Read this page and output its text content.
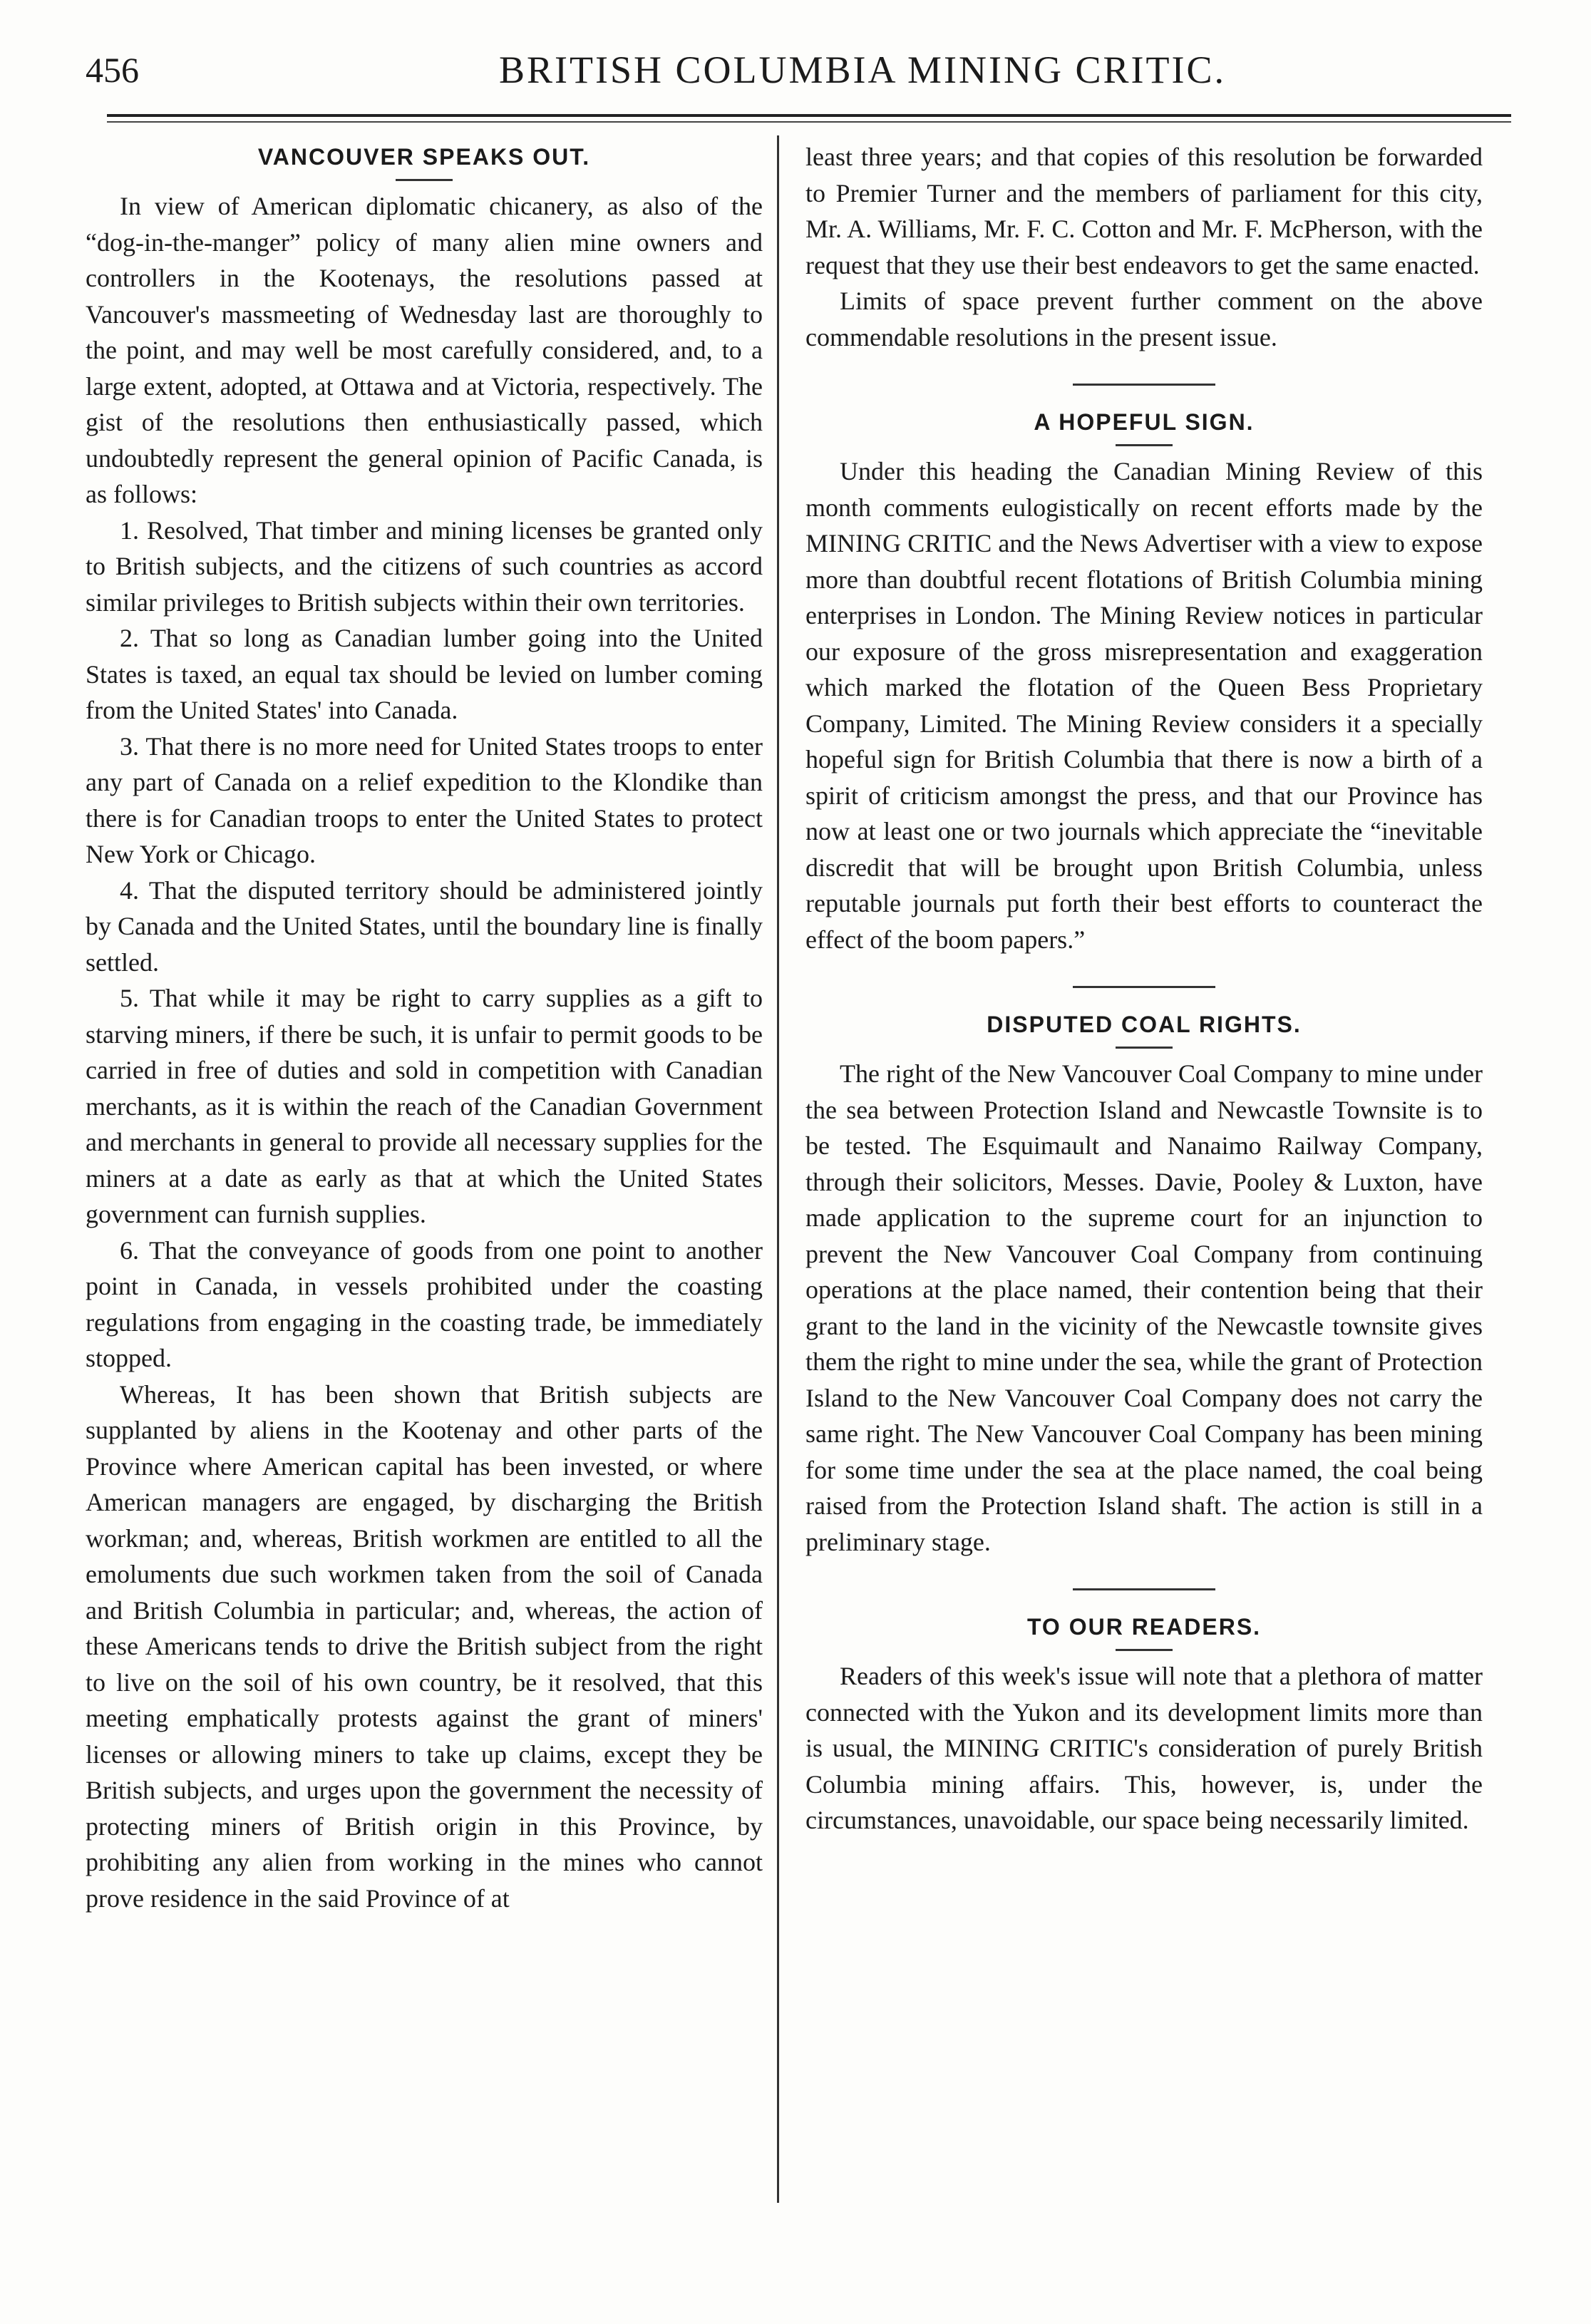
456	BRITISH COLUMBIA MINING CRITIC.
VANCOUVER SPEAKS OUT.

In view of American diplomatic chicanery, as also of the “dog-in-the-manger” policy of many alien mine owners and controllers in the Kootenays, the resolutions passed at Vancouver's massmeeting of Wednesday last are thoroughly to the point, and may well be most carefully considered, and, to a large extent, adopted, at Ottawa and at Victoria, respectively. The gist of the resolutions then enthusiastically passed, which undoubtedly represent the general opinion of Pacific Canada, is as follows:

1. Resolved, That timber and mining licenses be granted only to British subjects, and the citizens of such countries as accord similar privileges to British subjects within their own territories.

2. That so long as Canadian lumber going into the United States is taxed, an equal tax should be levied on lumber coming from the United States' into Canada.

3. That there is no more need for United States troops to enter any part of Canada on a relief expedition to the Klondike than there is for Canadian troops to enter the United States to protect New York or Chicago.

4. That the disputed territory should be administered jointly by Canada and the United States, until the boundary line is finally settled.

5. That while it may be right to carry supplies as a gift to starving miners, if there be such, it is unfair to permit goods to be carried in free of duties and sold in competition with Canadian merchants, as it is within the reach of the Canadian Government and merchants in general to provide all necessary supplies for the miners at a date as early as that at which the United States government can furnish supplies.

6. That the conveyance of goods from one point to another point in Canada, in vessels prohibited under the coasting regulations from engaging in the coasting trade, be immediately stopped.

Whereas, It has been shown that British subjects are supplanted by aliens in the Kootenay and other parts of the Province where American capital has been invested, or where American managers are engaged, by discharging the British workman; and, whereas, British workmen are entitled to all the emoluments due such workmen taken from the soil of Canada and British Columbia in particular; and, whereas, the action of these Americans tends to drive the British subject from the right to live on the soil of his own country, be it resolved, that this meeting emphatically protests against the grant of miners' licenses or allowing miners to take up claims, except they be British subjects, and urges upon the government the necessity of protecting miners of British origin in this Province, by prohibiting any alien from working in the mines who cannot prove residence in the said Province of at

least three years; and that copies of this resolution be forwarded to Premier Turner and the members of parliament for this city, Mr. A. Williams, Mr. F. C. Cotton and Mr. F. McPherson, with the request that they use their best endeavors to get the same enacted.

Limits of space prevent further comment on the above commendable resolutions in the present issue.

A HOPEFUL SIGN.

Under this heading the Canadian Mining Review of this month comments eulogistically on recent efforts made by the MINING CRITIC and the News Advertiser with a view to expose more than doubtful recent flotations of British Columbia mining enterprises in London. The Mining Review notices in particular our exposure of the gross misrepresentation and exaggeration which marked the flotation of the Queen Bess Proprietary Company, Limited. The Mining Review considers it a specially hopeful sign for British Columbia that there is now a birth of a spirit of criticism amongst the press, and that our Province has now at least one or two journals which appreciate the “inevitable discredit that will be brought upon British Columbia, unless reputable journals put forth their best efforts to counteract the effect of the boom papers.”

DISPUTED COAL RIGHTS.

The right of the New Vancouver Coal Company to mine under the sea between Protection Island and Newcastle Townsite is to be tested. The Esquimault and Nanaimo Railway Company, through their solicitors, Messes. Davie, Pooley & Luxton, have made application to the supreme court for an injunction to prevent the New Vancouver Coal Company from continuing operations at the place named, their contention being that their grant to the land in the vicinity of the Newcastle townsite gives them the right to mine under the sea, while the grant of Protection Island to the New Vancouver Coal Company does not carry the same right. The New Vancouver Coal Company has been mining for some time under the sea at the place named, the coal being raised from the Protection Island shaft. The action is still in a preliminary stage.

TO OUR READERS.

Readers of this week's issue will note that a plethora of matter connected with the Yukon and its development limits more than is usual, the MINING CRITIC's consideration of purely British Columbia mining affairs. This, however, is, under the circumstances, unavoidable, our space being necessarily limited.
